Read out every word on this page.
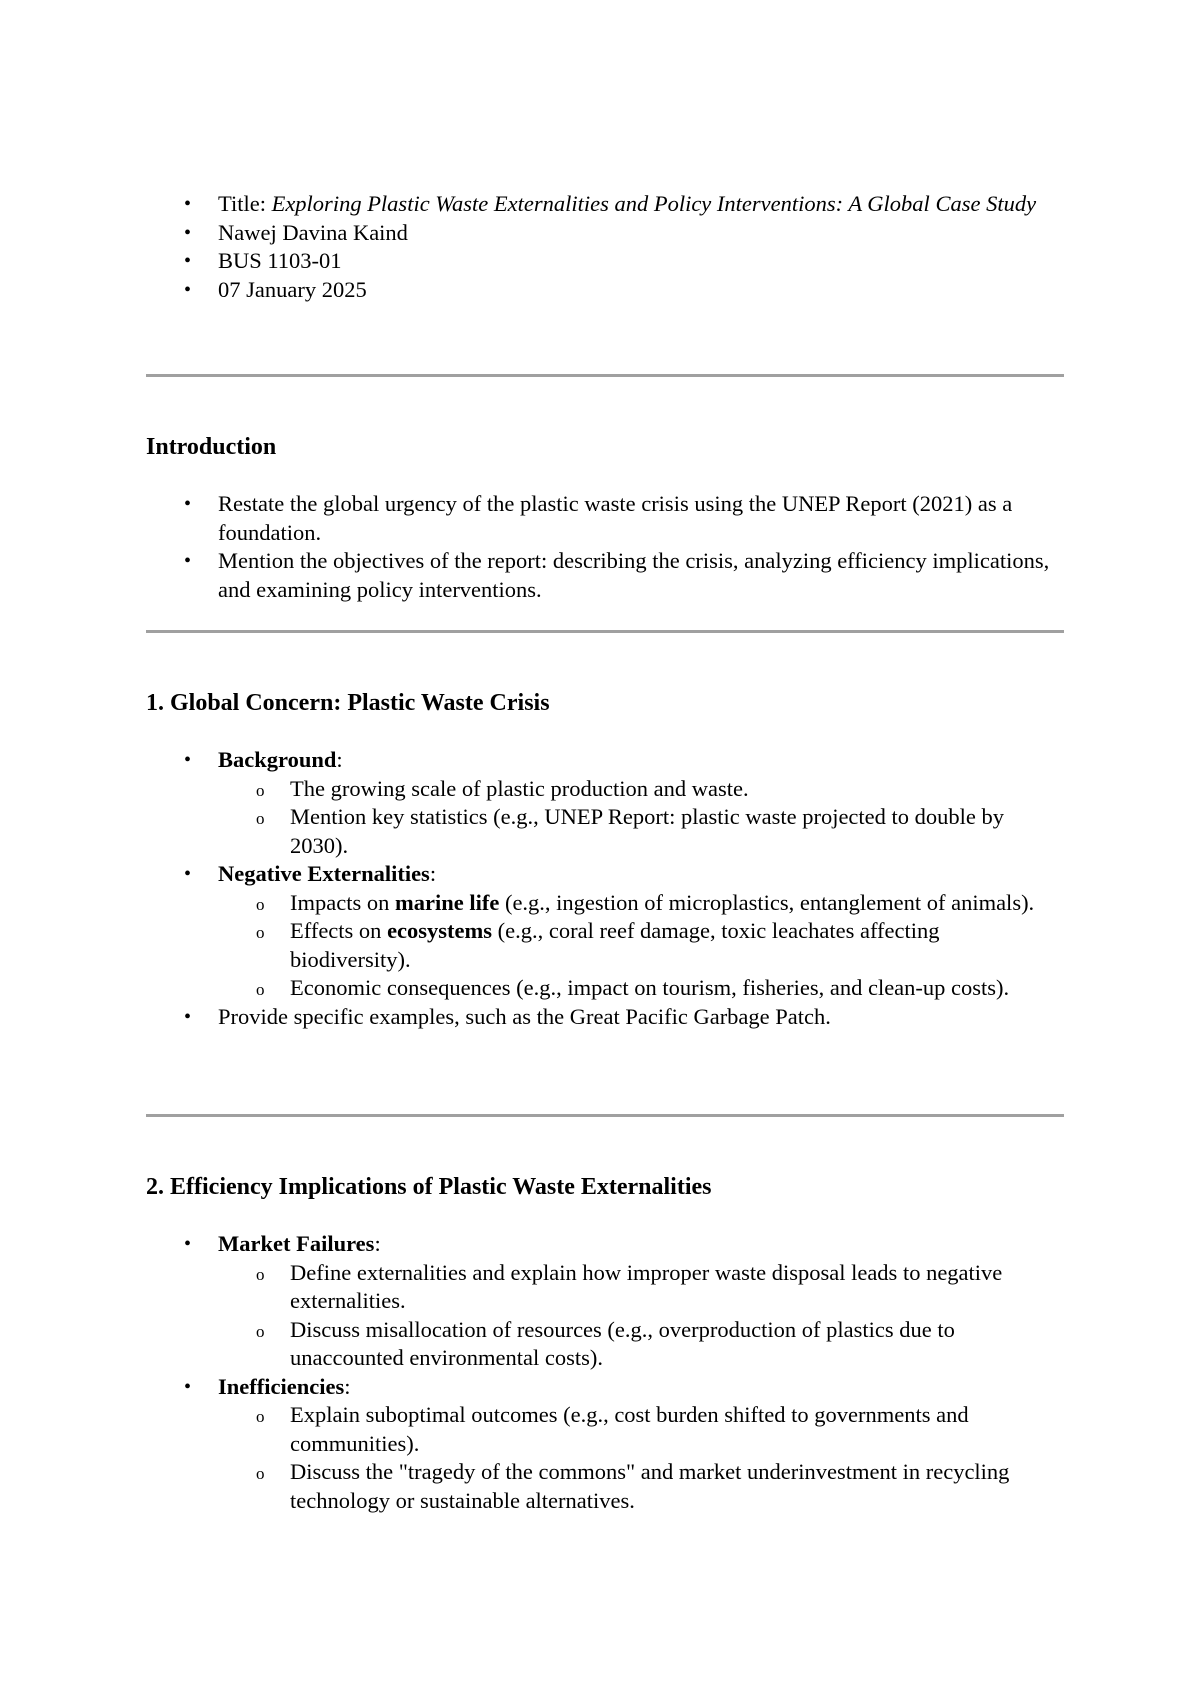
• Title: Exploring Plastic Waste Externalities and Policy Interventions: A Global Case Study
• Nawej Davina Kaind
• BUS 1103-01
• 07 January 2025
Introduction
• Restate the global urgency of the plastic waste crisis using the UNEP Report (2021) as a foundation.
• Mention the objectives of the report: describing the crisis, analyzing efficiency implications, and examining policy interventions.
1. Global Concern: Plastic Waste Crisis
• Background:
o	The growing scale of plastic production and waste.
o	Mention key statistics (e.g., UNEP Report: plastic waste projected to double by 2030).
• Negative Externalities:
o	Impacts on marine life (e.g., ingestion of microplastics, entanglement of animals).
o	Effects on ecosystems (e.g., coral reef damage, toxic leachates affecting biodiversity).
o	Economic consequences (e.g., impact on tourism, fisheries, and clean-up costs).
• Provide specific examples, such as the Great Pacific Garbage Patch.
2. Efficiency Implications of Plastic Waste Externalities
• Market Failures:
o	Define externalities and explain how improper waste disposal leads to negative externalities.
o	Discuss misallocation of resources (e.g., overproduction of plastics due to unaccounted environmental costs).
• Inefficiencies:
o	Explain suboptimal outcomes (e.g., cost burden shifted to governments and communities).
o	Discuss the "tragedy of the commons" and market underinvestment in recycling technology or sustainable alternatives.
